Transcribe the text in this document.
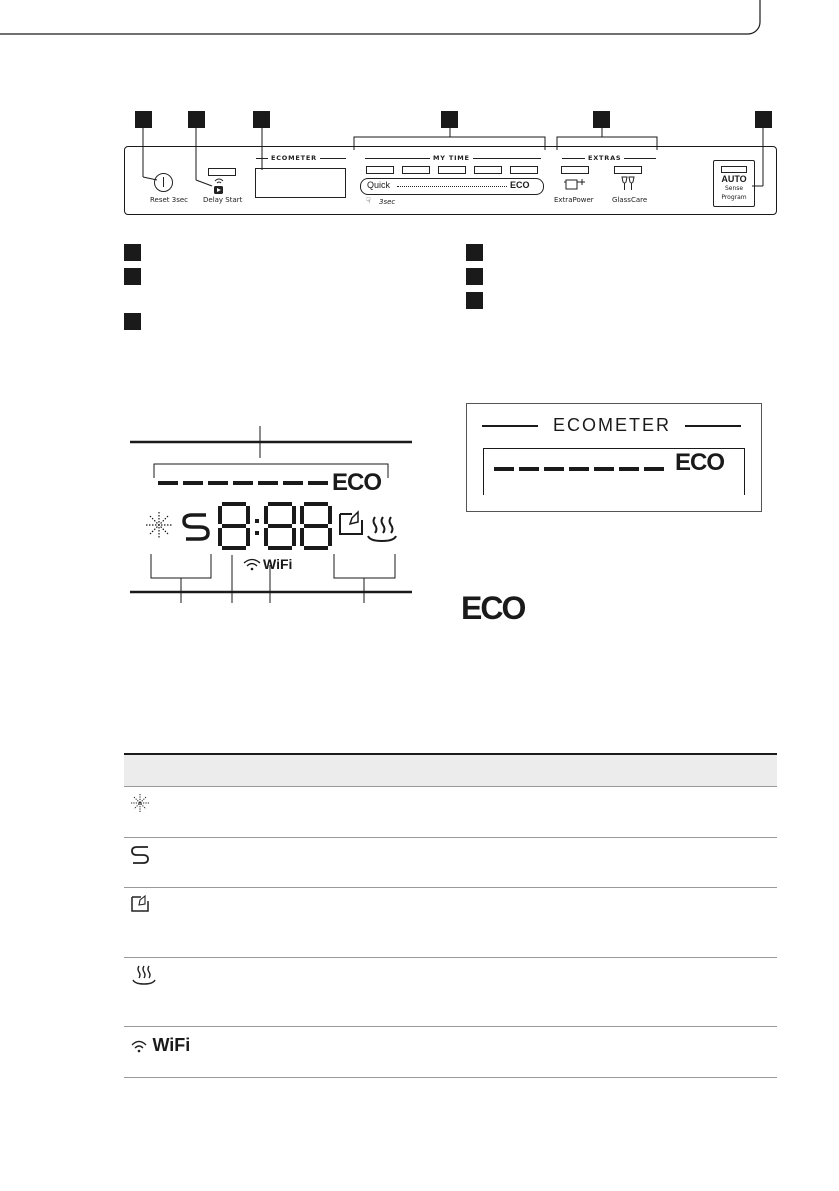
Reset 3sec Delay Start
ECOMETER	MY TIME
Quick	ECO
☟ 3sec
EXTRAS
ExtraPower	GlassCare
AUTO
Sense
Program
ECO
WiFi
ECOMETER
ECO
ECO

WiFi	
